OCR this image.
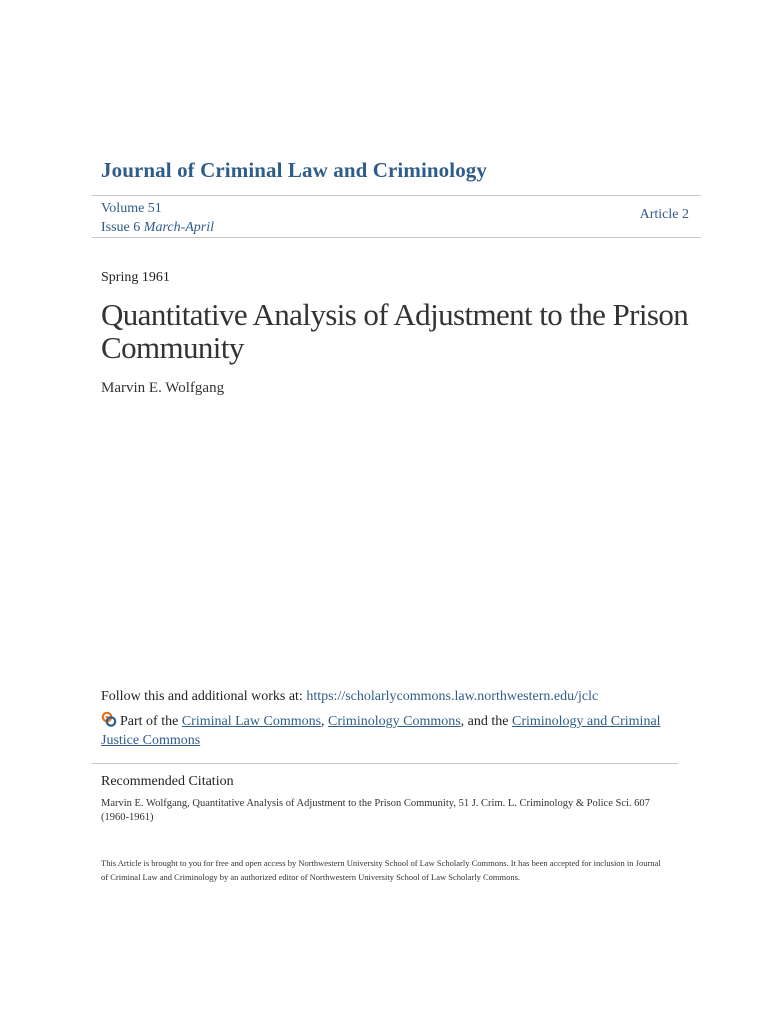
Journal of Criminal Law and Criminology
Volume 51
Issue 6 March-April
Article 2
Spring 1961
Quantitative Analysis of Adjustment to the Prison Community
Marvin E. Wolfgang
Follow this and additional works at: https://scholarlycommons.law.northwestern.edu/jclc
Part of the Criminal Law Commons, Criminology Commons, and the Criminology and Criminal Justice Commons
Recommended Citation
Marvin E. Wolfgang, Quantitative Analysis of Adjustment to the Prison Community, 51 J. Crim. L. Criminology & Police Sci. 607 (1960-1961)
This Article is brought to you for free and open access by Northwestern University School of Law Scholarly Commons. It has been accepted for inclusion in Journal of Criminal Law and Criminology by an authorized editor of Northwestern University School of Law Scholarly Commons.
